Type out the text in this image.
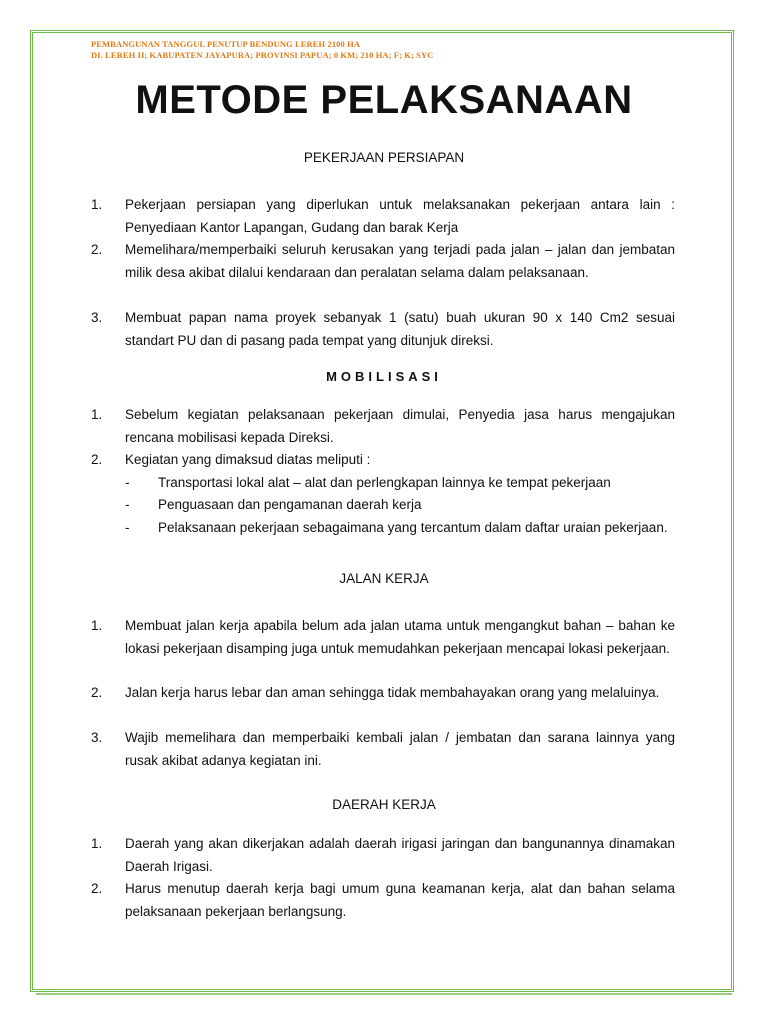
PEMBANGUNAN TANGGUL PENUTUP BENDUNG LEREH 2100 HA
DI. LEREH II; KABUPATEN JAYAPURA; PROVINSI PAPUA; 0 KM; 210 HA; F; K; SYC
METODE PELAKSANAAN
PEKERJAAN PERSIAPAN
1. Pekerjaan persiapan yang diperlukan untuk melaksanakan pekerjaan antara lain : Penyediaan Kantor Lapangan, Gudang dan barak Kerja
2. Memelihara/memperbaiki seluruh kerusakan yang terjadi pada jalan – jalan dan jembatan milik desa akibat dilalui kendaraan dan peralatan selama dalam pelaksanaan.
3. Membuat papan nama proyek sebanyak 1 (satu) buah ukuran 90 x 140 Cm2 sesuai standart PU dan di pasang pada tempat yang ditunjuk direksi.
MOBILISASI
1. Sebelum kegiatan pelaksanaan pekerjaan dimulai, Penyedia jasa harus mengajukan rencana mobilisasi kepada Direksi.
2. Kegiatan yang dimaksud diatas meliputi :
- Transportasi lokal alat – alat dan perlengkapan lainnya ke tempat pekerjaan
- Penguasaan dan pengamanan daerah kerja
- Pelaksanaan pekerjaan sebagaimana yang tercantum dalam daftar uraian pekerjaan.
JALAN KERJA
1. Membuat jalan kerja apabila belum ada jalan utama untuk mengangkut bahan – bahan ke lokasi pekerjaan disamping juga untuk memudahkan pekerjaan mencapai lokasi pekerjaan.
2. Jalan kerja harus lebar dan aman sehingga tidak membahayakan orang yang melaluinya.
3. Wajib memelihara dan memperbaiki kembali jalan / jembatan dan sarana lainnya yang rusak akibat adanya kegiatan ini.
DAERAH KERJA
1. Daerah yang akan dikerjakan adalah daerah irigasi jaringan dan bangunannya dinamakan Daerah Irigasi.
2. Harus menutup daerah kerja bagi umum guna keamanan kerja, alat dan bahan selama pelaksanaan pekerjaan berlangsung.
